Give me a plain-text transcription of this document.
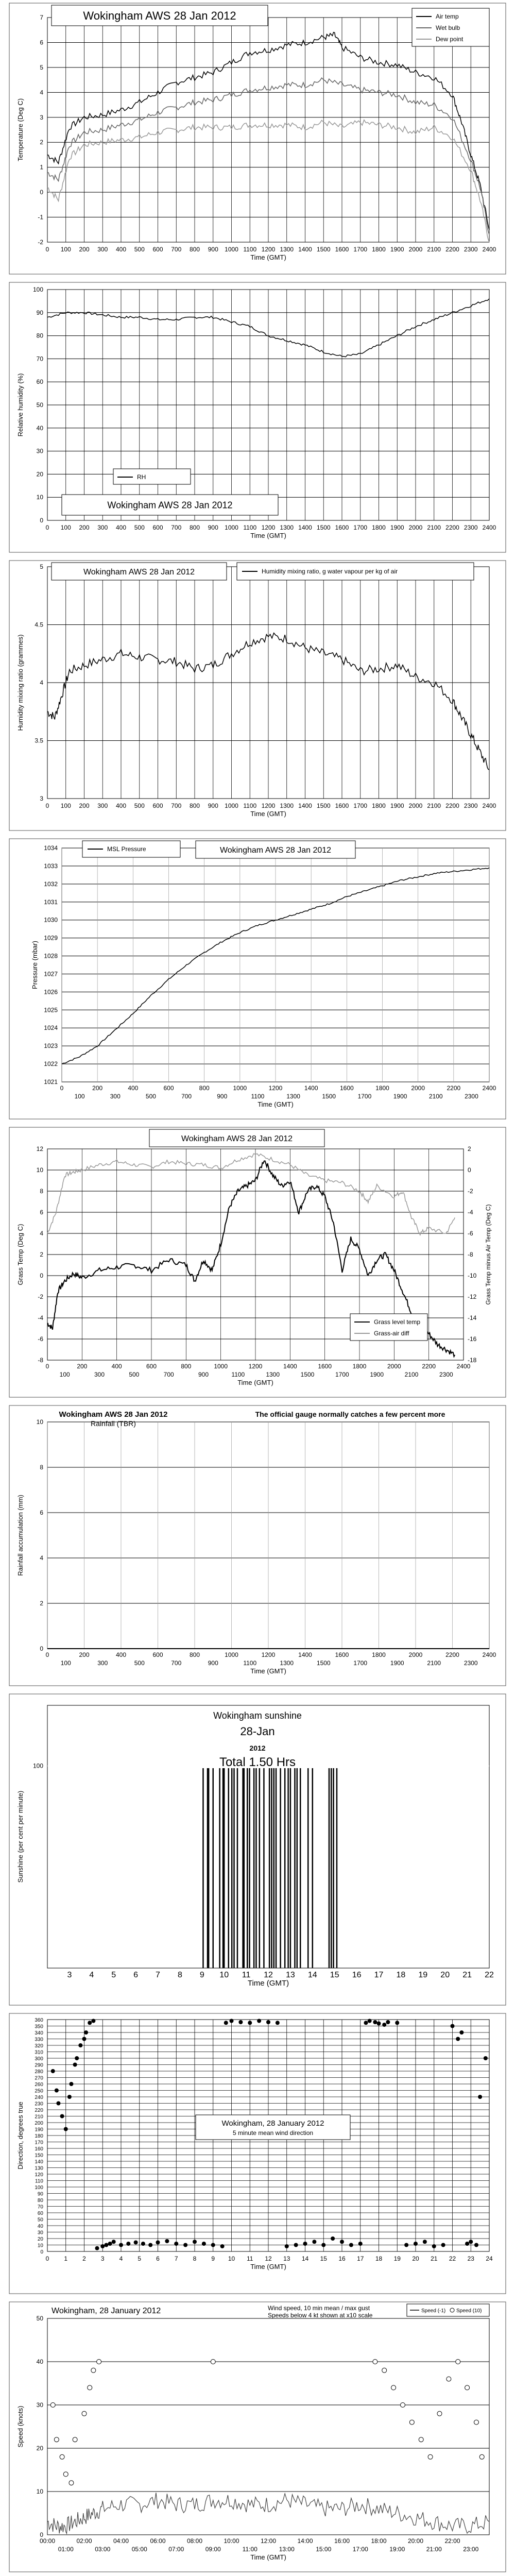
-2
-1
0
1
2
3
4
5
6
7
0 100 200 300 400 500 600 700 800 900 1000 1100 1200 1300 1400 1500 1600 1700 1800 1900 2000 2100 2200 2300 2400
Time (GMT)
Temperature (Deg C)
Wokingham AWS 28 Jan 2012	Air temp
Wet bulb
Dew point
0
10
20
30
40
50
60
70
80
90
100
0 100 200 300 400 500 600 700 800 900 1000 1100 1200 1300 1400 1500 1600 1700 1800 1900 2000 2100 2200 2300 2400
Time (GMT)
Relative humidity (%)
RH
Wokingham AWS 28 Jan 2012
3
3.5
4
4.5
5
0 100 200 300 400 500 600 700 800 900 1000 1100 1200 1300 1400 1500 1600 1700 1800 1900 2000 2100 2200 2300 2400
Time (GMT)
Humidity mixing ratio (grammes)
Wokingham AWS 28 Jan 2012	Humidity mixing ratio, g water vapour per kg of air
1021
1022
1023
1024
1025
1026
1027
1028
1029
1030
1031
1032
1033
1034
0	200	400	600	800	1000	1200	1400	1600	1800	2000	2200	2400
100	300	500	700	900	1100	1300	1500	1700	1900	2100	2300
Time (GMT)
Pressure (mbar)
MSL Pressure	Wokingham AWS 28 Jan 2012
-8
-6
-4
-2
0
2
4
6
8
10
12
0	200	400	600	800	1000	1200	1400	1600	1800	2000	2200	2400
100	300	500	700	900	1100	1300	1500	1700	1900	2100	2300
Time (GMT)
Grass Temp (Deg C)
-18
-16
-14
-12
-10
-8
-6
-4
-2
0
2
Grass Temp minus Air Temp (Deg C)
Wokingham AWS 28 Jan 2012
Grass level temp
Grass-air diff
0
2
4
6
8
10
0	200	400	600	800	1000	1200	1400	1600	1800	2000	2200	2400
100	300	500	700	900	1100	1300	1500	1700	1900	2100	2300
Time (GMT)
Rainfall accumulation (mm)
Wokingham AWS 28 Jan 2012
Rainfall (TBR)
The official gauge normally catches a few percent more
100
3 4 5 6 7 8 9 10 11 12 13 14 15 16 17 18 19 20 21 22
Time (GMT)
Sunshine (per cent per minute)
Wokingham sunshine
28-Jan
2012
Total 1.50 Hrs
0
10
20
30
40
50
60
70
80
90
100
110
120
130
140
150
160
170
180
190
200
210
220
230
240
250
260
270
280
290
300
310
320
330
340
350
360
0 1 2 3 4 5 6 7 8 9 10 11 12 13 14 15 16 17 18 19 20 21 22 23 24
Time (GMT)
Direction, degrees true	Wokingham, 28 January 2012
5 minute mean wind direction
0
10
20
30
40
50
00:00	02:00	04:00	06:00	08:00	10:00	12:00	14:00	16:00	18:00	20:00	22:00
01:00	03:00	05:00	07:00	09:00	11:00	13:00	15:00	17:00	19:00	21:00	23:00
Time (GMT)
Speed (knots)
Wokingham, 28 January 2012	Wind speed, 10 min mean / max gust
Speeds below 4 kt shown at x10 scale
Speed (-1) Speed (10)
